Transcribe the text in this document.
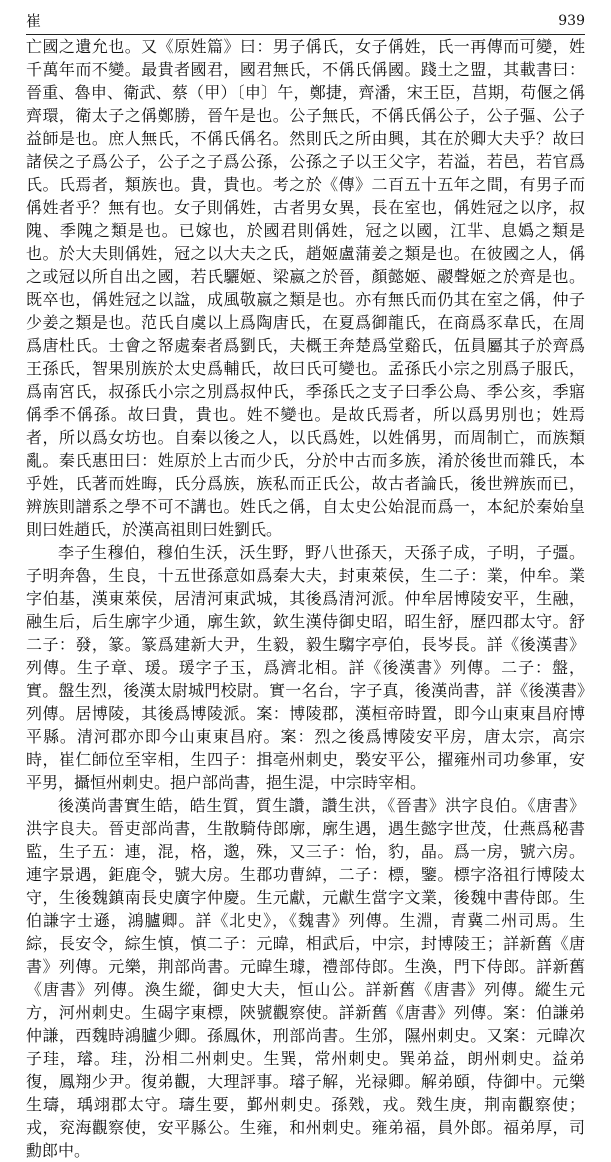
崔	939

亡國之遺允也。又《原姓篇》曰：男子偁氏，女子偁姓，氏一再傳而可變，姓千萬年而不變。最貴者國君，國君無氏，不偁氏偁國。踐土之盟，其載書曰：晉重、魯申、衛武、蔡（甲）〔申〕午，鄭捷，齊潘，宋王臣，莒期，苟偃之偁齊環，衛太子之偁鄭勝，晉午是也。公子無氏，不偁氏偁公子，公子彄、公子益師是也。庶人無氏，不偁氏偁名。然則氏之所由興，其在於卿大夫乎？故曰諸侯之子爲公子，公子之子爲公孫，公孫之子以王父字，若溢，若邑，若官爲氏。氏焉者，類族也。貴，貴也。考之於《傳》二百五十五年之間，有男子而偁姓者乎？無有也。女子則偁姓，古者男女異，長在室也，偁姓冠之以序，叔隗、季隗之類是也。已嫁也，於國君則偁姓，冠之以國，江羋、息嬀之類是也。於大夫則偁姓，冠之以大夫之氏，趙姬盧蒲姜之類是也。在彼國之人，偁之或冠以所自出之國，若氏驪姬、梁嬴之於晉，顏懿姬、鬷聲姬之於齊是也。既卒也，偁姓冠之以諡，成風敬嬴之類是也。亦有無氏而仍其在室之偁，仲子少姜之類是也。范氏自虞以上爲陶唐氏，在夏爲御龍氏，在商爲豕韋氏，在周爲唐杜氏。士會之帑處秦者爲劉氏，夫概王奔楚爲堂谿氏，伍員屬其子於齊爲王孫氏，智果別族於太史爲輔氏，故曰氏可變也。孟孫氏小宗之別爲子服氏，爲南宮氏，叔孫氏小宗之別爲叔仲氏，季孫氏之支子曰季公鳥、季公亥，季寤偁季不偁孫。故曰貴，貴也。姓不變也。是故氏焉者，所以爲男別也；姓焉者，所以爲女坊也。自秦以後之人，以氏爲姓，以姓偁男，而周制亡，而族類亂。秦氏惠田曰：姓原於上古而少氏，分於中古而多族，淆於後世而雜氏，本乎姓，氏著而姓晦，氏分爲族，族私而正氏公，故古者論氏，後世辨族而已，辨族則譜系之學不可不講也。姓氏之偁，自太史公始混而爲一，本紀於秦始皇則曰姓趙氏，於漢高祖則曰姓劉氏。

李子生穆伯，穆伯生沃，沃生野，野八世孫天，天孫子成，子明，子彊。子明奔魯，生良，十五世孫意如爲秦大夫，封東萊侯，生二子：業，仲牟。業字伯基，漢東萊侯，居清河東武城，其後爲清河派。仲牟居博陵安平，生融，融生后，后生廓字少通，廓生欽，欽生漢侍御史昭，昭生舒，歷四郡太守。舒二子：發，篆。篆爲建新大尹，生毅，毅生騶字亭伯，長岑長。詳《後漢書》列傳。生子章、瑗。瑗字子玉，爲濟北相。詳《後漢書》列傳。二子：盤，實。盤生烈，後漢太尉城門校尉。實一名台，字子真，後漢尚書，詳《後漢書》列傳。居博陵，其後爲博陵派。案：博陵郡，漢桓帝時置，即今山東東昌府博平縣。清河郡亦即今山東東昌府。案：烈之後爲博陵安平房，唐太宗，高宗時，崔仁師位至宰相，生四子：揖亳州刺史，褧安平公，擢雍州司功參軍，安平男，攝恒州刺史。挹户部尚書，挹生湜，中宗時宰相。

後漢尚書實生皓，皓生質，質生讚，讚生洪，《晉書》洪字良伯。《唐書》洪字良夫。晉吏部尚書，生散騎侍郎廓，廓生遇，遇生懿字世茂，仕燕爲秘書監，生子五：連，混，格，邈，殊，又三子：怡，豹，晶。爲一房，號六房。連字景遇，鉅鹿令，號大房。生郡功曹綽，二子：標，鑒。標字洛祖行博陵太守，生後魏鎮南長史廣字仲慶。生元獻，元獻生當字文業，後魏中書侍郎。生伯謙字士遜，鴻臚卿。詳《北史》，《魏書》列傳。生淵，青冀二州司馬。生綜，長安令，綜生慎，慎二子：元暐，相武后，中宗，封博陵王；詳新舊《唐書》列傳。元樂，荆部尚書。元暐生璩，禮部侍郎。生渙，門下侍郎。詳新舊《唐書》列傳。渙生縱，御史大夫，恒山公。詳新舊《唐書》列傳。縱生元方，河州刺史。生碣字東標，陝號觀察使。詳新舊《唐書》列傳。案：伯謙弟仲謙，西魏時鴻臚少卿。孫鳳休，刑部尚書。生邠，隰州刺史。又案：元暐次子珪，璿。珪，汾相二州刺史。生巽，常州刺史。巽弟益，朗州刺史。益弟復，鳳翔少尹。復弟觀，大理評事。璿子解，光禄卿。解弟頤，侍御中。元樂生璹，瑀翊郡太守。璹生要，鄞州刺史。孫戣，戎。戣生庚，荆南觀察使；戎，兖海觀察使，安平縣公。生雍，和州刺史。雍弟福，員外郎。福弟厚，司勳郎中。
